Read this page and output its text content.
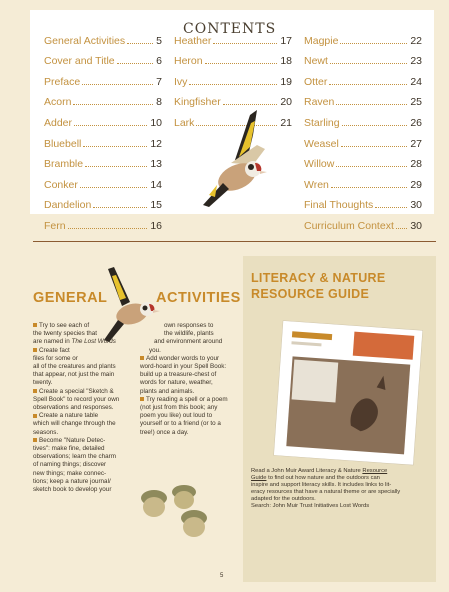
CONTENTS
General Activities	5
Cover and Title	6
Preface	7
Acorn	8
Adder	10
Bluebell	12
Bramble	13
Conker	14
Dandelion	15
Fern	16
Heather	17
Heron	18
Ivy	19
Kingfisher	20
Lark	21
Magpie	22
Newt	23
Otter	24
Raven	25
Starling	26
Weasel	27
Willow	28
Wren	29
Final Thoughts	30
Curriculum Context 30
GENERAL	ACTIVITIES

Try to see each of

the twenty species that

are named in The Lost Words

Create fact

files for some or

all of the creatures and plants

that appear, not just the main

twenty.

Create a special "Sketch &

Spell Book" to record your own

observations and responses.

Create a nature table

which will change through the

seasons.

Become "Nature Detec-

tives": make fine, detailed

observations; learn the charm

of naming things; discover

new things; make connec-

tions; keep a nature journal/

sketch book to develop your

own responses to

the wildlife, plants

and environment around

you.

Add wonder words to your

word-hoard in your Spell Book:

build up a treasure-chest of

words for nature, weather,

plants and animals.

Try reading a spell or a poem

(not just from this book; any

poem you like) out loud to

yourself or to a friend (or to a

tree!) once a day.

LITERACY & NATURE
RESOURCE GUIDE
Read a John Muir Award Literacy & Nature Resource
Guide to find out how nature and the outdoors can
inspire and support literacy skills. It includes links to lit-
eracy resources that have a natural theme or are specially
adapted for the outdoors.
Search: John Muir Trust Initiatives Lost Words
5
